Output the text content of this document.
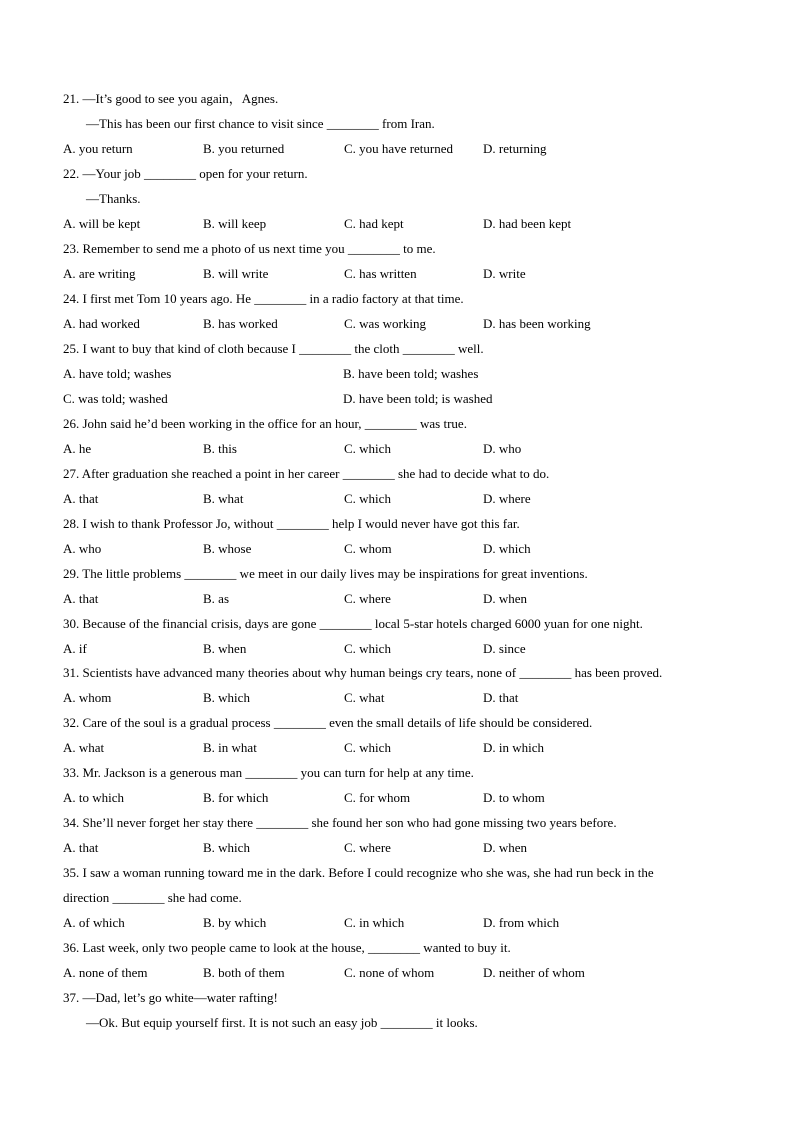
21. —It’s good to see you again，Agnes.
—This has been our first chance to visit since ________ from Iran.
A. you return	B. you returned	C. you have returned D. returning
22. —Your job ________ open for your return.
—Thanks.
A. will be kept	B. will keep	C. had kept	D. had been kept
23. Remember to send me a photo of us next time you ________ to me.
A. are writing	B. will write	C. has written	D. write
24. I first met Tom 10 years ago. He ________ in a radio factory at that time.
A. had worked	B. has worked	C. was working	D. has been working
25. I want to buy that kind of cloth because I ________ the cloth ________ well.
A. have told; washes	B. have been told; washes
C. was told; washed	D. have been told; is washed
26. John said he’d been working in the office for an hour, ________ was true.
A. he	B. this	C. which	D. who
27. After graduation she reached a point in her career ________ she had to decide what to do.
A. that	B. what	C. which	D. where
28. I wish to thank Professor Jo, without ________ help I would never have got this far.
A. who	B. whose	C. whom	D. which
29. The little problems ________ we meet in our daily lives may be inspirations for great inventions.
A. that	B. as	C. where	D. when
30. Because of the financial crisis, days are gone ________ local 5-star hotels charged 6000 yuan for one night.
A. if	B. when	C. which	D. since
31. Scientists have advanced many theories about why human beings cry tears, none of ________ has been proved.
A. whom	B. which	C. what	D. that
32. Care of the soul is a gradual process ________ even the small details of life should be considered.
A. what	B. in what	C. which	D. in which
33. Mr. Jackson is a generous man ________ you can turn for help at any time.
A. to which	B. for which	C. for whom	D. to whom
34. She’ll never forget her stay there ________ she found her son who had gone missing two years before.
A. that	B. which	C. where	D. when
35. I saw a woman running toward me in the dark. Before I could recognize who she was, she had run beck in the
direction ________ she had come.
A. of which	B. by which	C. in which	D. from which
36. Last week, only two people came to look at the house, ________ wanted to buy it.
A. none of them	B. both of them	C. none of whom	D. neither of whom
37. —Dad, let’s go white—water rafting!
—Ok. But equip yourself first. It is not such an easy job ________ it looks.
